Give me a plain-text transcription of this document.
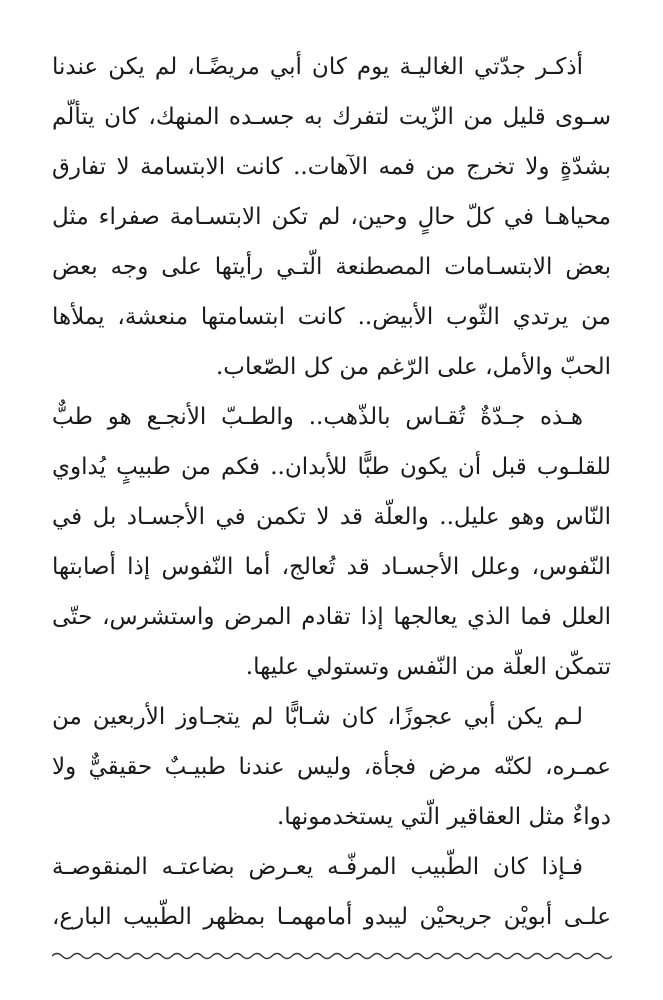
أذكـر جدّتي الغاليـة يوم كان أبي مريضًـا، لم يكن عندنا
سـوى قليل من الزّيت لتفرك به جسـده المنهك، كان يتألّم
بشدّةٍ ولا تخرج من فمه الآهات.. كانت الابتسامة لا تفارق
محياهـا في كلّ حالٍ وحين، لم تكن الابتسـامة صفراء مثل
بعض الابتسـامات المصطنعة الّتـي رأيتها على وجه بعض
من يرتدي الثّوب الأبيض.. كانت ابتسامتها منعشة، يملأها
الحبّ والأمل، على الرّغم من كل الصّعاب.
هـذه جـدّةٌ تُقـاس بالذّهب.. والطـبّ الأنجـع هو طبٌّ
للقلـوب قبل أن يكون طبًّا للأبدان.. فكم من طبيبٍ يُداوي
النّاس وهو عليل.. والعلّة قد لا تكمن في الأجسـاد بل في
النّفوس، وعلل الأجسـاد قد تُعالج، أما النّفوس إذا أصابتها
العلل فما الذي يعالجها إذا تقادم المرض واستشرس، حتّى
تتمكّن العلّة من النّفس وتستولي عليها.
لـم يكن أبي عجوزًا، كان شـابًّا لم يتجـاوز الأربعين من
عمـره، لكنّه مرض فجأة، وليس عندنا طبيـبٌ حقيقيٌّ ولا
دواءٌ مثل العقاقير الّتي يستخدمونها.
فـإذا كان الطّبيب المرفّـه يعـرض بضاعتـه المنقوصـة
علـى أبويْن جريحيْن ليبدو أمامهمـا بمظهر الطّبيب البارع،
